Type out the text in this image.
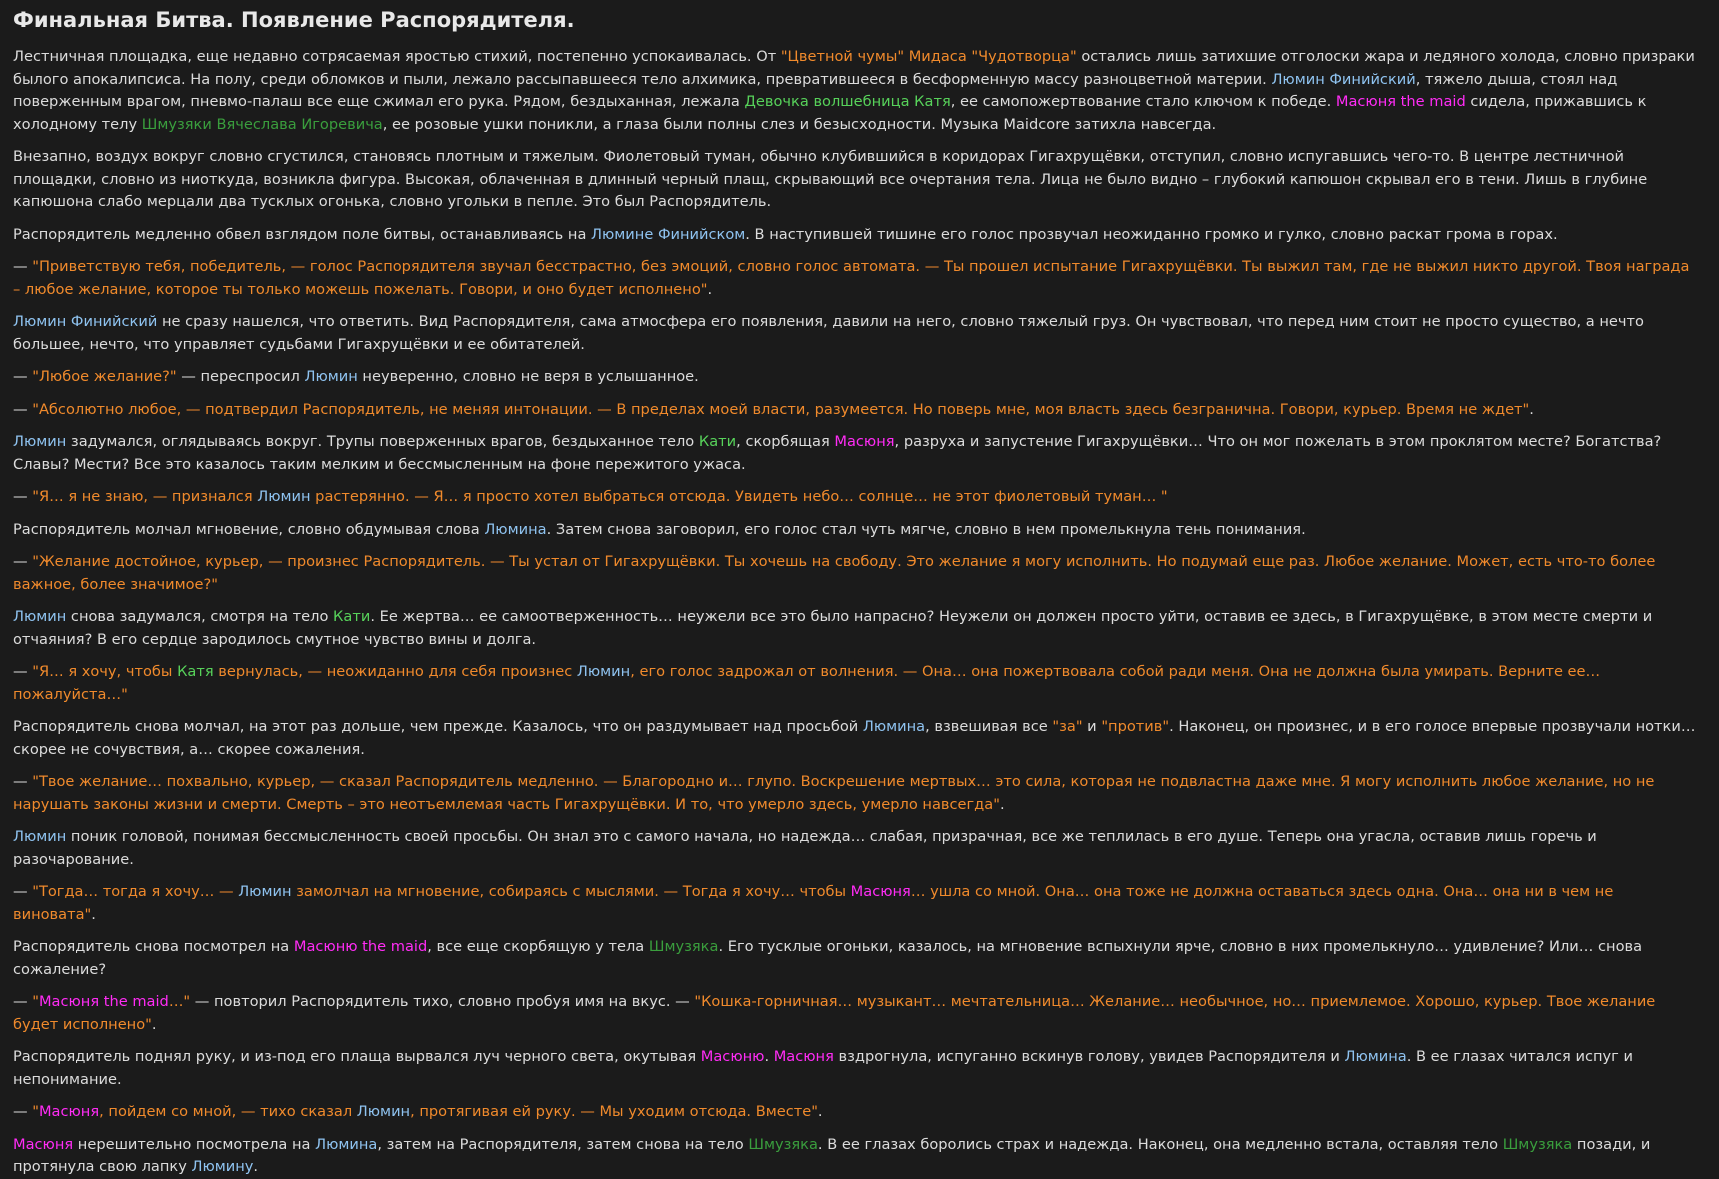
Финальная Битва. Появление Распорядителя.

Лестничная площадка, еще недавно сотрясаемая яростью стихий, постепенно успокаивалась. От "Цветной чумы" Мидаса "Чудотворца" остались лишь затихшие отголоски жара и ледяного холода, словно призраки былого апокалипсиса. На полу, среди обломков и пыли, лежало рассыпавшееся тело алхимика, превратившееся в бесформенную массу разноцветной материи. Люмин Финийский, тяжело дыша, стоял над поверженным врагом, пневмо-палаш все еще сжимал его рука. Рядом, бездыханная, лежала Девочка волшебница Катя, ее самопожертвование стало ключом к победе. Масюня the maid сидела, прижавшись к холодному телу Шмузяки Вячеслава Игоревича, ее розовые ушки поникли, а глаза были полны слез и безысходности. Музыка Maidcore затихла навсегда.

Внезапно, воздух вокруг словно сгустился, становясь плотным и тяжелым. Фиолетовый туман, обычно клубившийся в коридорах Гигахрущёвки, отступил, словно испугавшись чего-то. В центре лестничной площадки, словно из ниоткуда, возникла фигура. Высокая, облаченная в длинный черный плащ, скрывающий все очертания тела. Лица не было видно – глубокий капюшон скрывал его в тени. Лишь в глубине капюшона слабо мерцали два тусклых огонька, словно угольки в пепле. Это был Распорядитель.

Распорядитель медленно обвел взглядом поле битвы, останавливаясь на Люмине Финийском. В наступившей тишине его голос прозвучал неожиданно громко и гулко, словно раскат грома в горах.

— "Приветствую тебя, победитель, — голос Распорядителя звучал бесстрастно, без эмоций, словно голос автомата. — Ты прошел испытание Гигахрущёвки. Ты выжил там, где не выжил никто другой. Твоя награда – любое желание, которое ты только можешь пожелать. Говори, и оно будет исполнено".

Люмин Финийский не сразу нашелся, что ответить. Вид Распорядителя, сама атмосфера его появления, давили на него, словно тяжелый груз. Он чувствовал, что перед ним стоит не просто существо, а нечто большее, нечто, что управляет судьбами Гигахрущёвки и ее обитателей.

— "Любое желание?" — переспросил Люмин неуверенно, словно не веря в услышанное.

— "Абсолютно любое, — подтвердил Распорядитель, не меняя интонации. — В пределах моей власти, разумеется. Но поверь мне, моя власть здесь безгранична. Говори, курьер. Время не ждет".

Люмин задумался, оглядываясь вокруг. Трупы поверженных врагов, бездыханное тело Кати, скорбящая Масюня, разруха и запустение Гигахрущёвки… Что он мог пожелать в этом проклятом месте? Богатства? Славы? Мести? Все это казалось таким мелким и бессмысленным на фоне пережитого ужаса.

— "Я… я не знаю, — признался Люмин растерянно. — Я… я просто хотел выбраться отсюда. Увидеть небо… солнце… не этот фиолетовый туман… "

Распорядитель молчал мгновение, словно обдумывая слова Люмина. Затем снова заговорил, его голос стал чуть мягче, словно в нем промелькнула тень понимания.

— "Желание достойное, курьер, — произнес Распорядитель. — Ты устал от Гигахрущёвки. Ты хочешь на свободу. Это желание я могу исполнить. Но подумай еще раз. Любое желание. Может, есть что-то более важное, более значимое?"

Люмин снова задумался, смотря на тело Кати. Ее жертва… ее самоотверженность… неужели все это было напрасно? Неужели он должен просто уйти, оставив ее здесь, в Гигахрущёвке, в этом месте смерти и отчаяния? В его сердце зародилось смутное чувство вины и долга.

— "Я… я хочу, чтобы Катя вернулась, — неожиданно для себя произнес Люмин, его голос задрожал от волнения. — Она… она пожертвовала собой ради меня. Она не должна была умирать. Верните ее… пожалуйста…"

Распорядитель снова молчал, на этот раз дольше, чем прежде. Казалось, что он раздумывает над просьбой Люмина, взвешивая все "за" и "против". Наконец, он произнес, и в его голосе впервые прозвучали нотки… скорее не сочувствия, а… скорее сожаления.

— "Твое желание… похвально, курьер, — сказал Распорядитель медленно. — Благородно и… глупо. Воскрешение мертвых… это сила, которая не подвластна даже мне. Я могу исполнить любое желание, но не нарушать законы жизни и смерти. Смерть – это неотъемлемая часть Гигахрущёвки. И то, что умерло здесь, умерло навсегда".

Люмин поник головой, понимая бессмысленность своей просьбы. Он знал это с самого начала, но надежда… слабая, призрачная, все же теплилась в его душе. Теперь она угасла, оставив лишь горечь и разочарование.

— "Тогда… тогда я хочу… — Люмин замолчал на мгновение, собираясь с мыслями. — Тогда я хочу… чтобы Масюня… ушла со мной. Она… она тоже не должна оставаться здесь одна. Она… она ни в чем не виновата".

Распорядитель снова посмотрел на Масюню the maid, все еще скорбящую у тела Шмузяка. Его тусклые огоньки, казалось, на мгновение вспыхнули ярче, словно в них промелькнуло… удивление? Или… снова сожаление?

— "Масюня the maid…" — повторил Распорядитель тихо, словно пробуя имя на вкус. — "Кошка-горничная… музыкант… мечтательница… Желание… необычное, но… приемлемое. Хорошо, курьер. Твое желание будет исполнено".

Распорядитель поднял руку, и из-под его плаща вырвался луч черного света, окутывая Масюню. Масюня вздрогнула, испуганно вскинув голову, увидев Распорядителя и Люмина. В ее глазах читался испуг и непонимание.

— "Масюня, пойдем со мной, — тихо сказал Люмин, протягивая ей руку. — Мы уходим отсюда. Вместе".

Масюня нерешительно посмотрела на Люмина, затем на Распорядителя, затем снова на тело Шмузяка. В ее глазах боролись страх и надежда. Наконец, она медленно встала, оставляя тело Шмузяка позади, и протянула свою лапку Люмину.
